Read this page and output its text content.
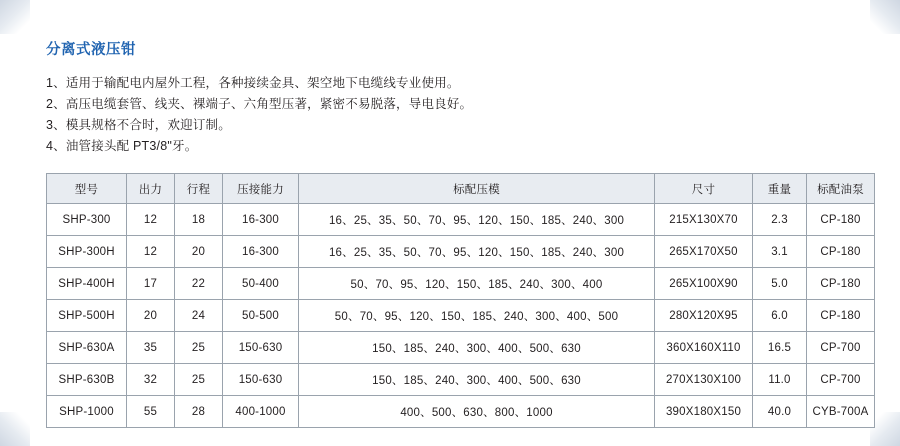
分离式液压钳
1、适用于输配电内屋外工程，各种接续金具、架空地下电缆线专业使用。
2、高压电缆套管、线夹、裸端子、六角型压著，紧密不易脱落，导电良好。
3、模具规格不合时，欢迎订制。
4、油管接头配 PT3/8"牙。
型号	出力	行程	压接能力	标配压模	尺寸	重量	标配油泵
SHP-300	12	18	16-300	16、25、35、50、70、95、120、150、185、240、300	215X130X70	2.3	CP-180
SHP-300H	12	20	16-300	16、25、35、50、70、95、120、150、185、240、300	265X170X50	3.1	CP-180
SHP-400H	17	22	50-400	50、70、95、120、150、185、240、300、400	265X100X90	5.0	CP-180
SHP-500H	20	24	50-500	50、70、95、120、150、185、240、300、400、500	280X120X95	6.0	CP-180
SHP-630A	35	25	150-630	150、185、240、300、400、500、630	360X160X110	16.5	CP-700
SHP-630B	32	25	150-630	150、185、240、300、400、500、630	270X130X100	11.0	CP-700
SHP-1000	55	28	400-1000	400、500、630、800、1000	390X180X150	40.0	CYB-700A
